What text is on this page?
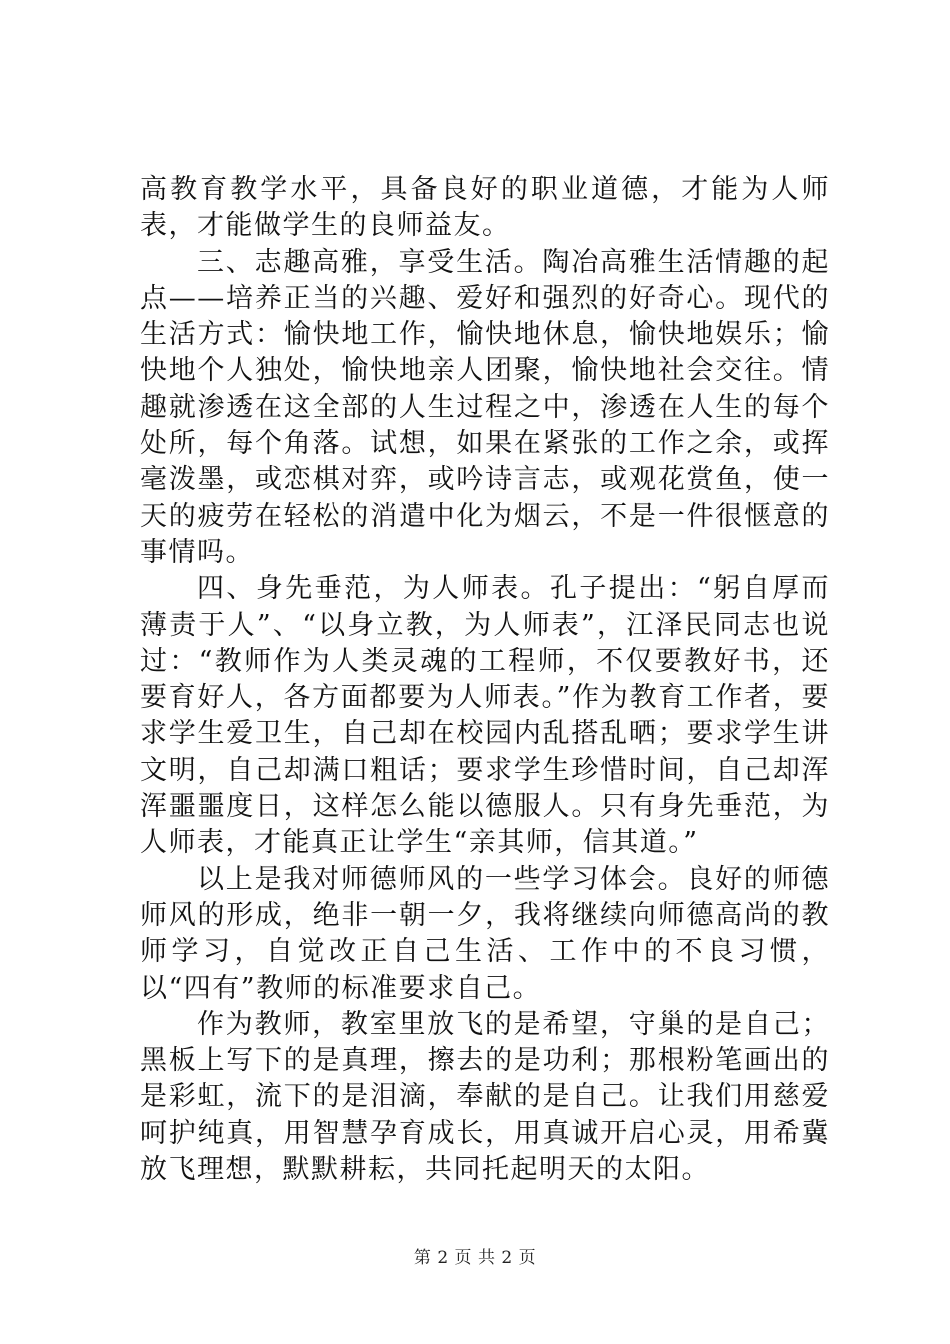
高教育教学水平，具备良好的职业道德，才能为人师表，才能做学生的良师益友。

三、志趣高雅，享受生活。陶冶高雅生活情趣的起点——培养正当的兴趣、爱好和强烈的好奇心。现代的生活方式：愉快地工作，愉快地休息，愉快地娱乐；愉快地个人独处，愉快地亲人团聚，愉快地社会交往。情趣就渗透在这全部的人生过程之中，渗透在人生的每个处所，每个角落。试想，如果在紧张的工作之余，或挥毫泼墨，或恋棋对弈，或吟诗言志，或观花赏鱼，使一天的疲劳在轻松的消遣中化为烟云，不是一件很惬意的事情吗。

四、身先垂范，为人师表。孔子提出：“躬自厚而薄责于人”、“以身立教，为人师表”，江泽民同志也说过：“教师作为人类灵魂的工程师，不仅要教好书，还要育好人，各方面都要为人师表。”作为教育工作者，要求学生爱卫生，自己却在校园内乱搭乱晒；要求学生讲文明，自己却满口粗话；要求学生珍惜时间，自己却浑浑噩噩度日，这样怎么能以德服人。只有身先垂范，为人师表，才能真正让学生“亲其师，信其道。”

以上是我对师德师风的一些学习体会。良好的师德师风的形成，绝非一朝一夕，我将继续向师德高尚的教师学习，自觉改正自己生活、工作中的不良习惯，以“四有”教师的标准要求自己。

作为教师，教室里放飞的是希望，守巢的是自己；黑板上写下的是真理，擦去的是功利；那根粉笔画出的是彩虹，流下的是泪滴，奉献的是自己。让我们用慈爱呵护纯真，用智慧孕育成长，用真诚开启心灵，用希冀放飞理想，默默耕耘，共同托起明天的太阳。

第 2 页 共 2 页
